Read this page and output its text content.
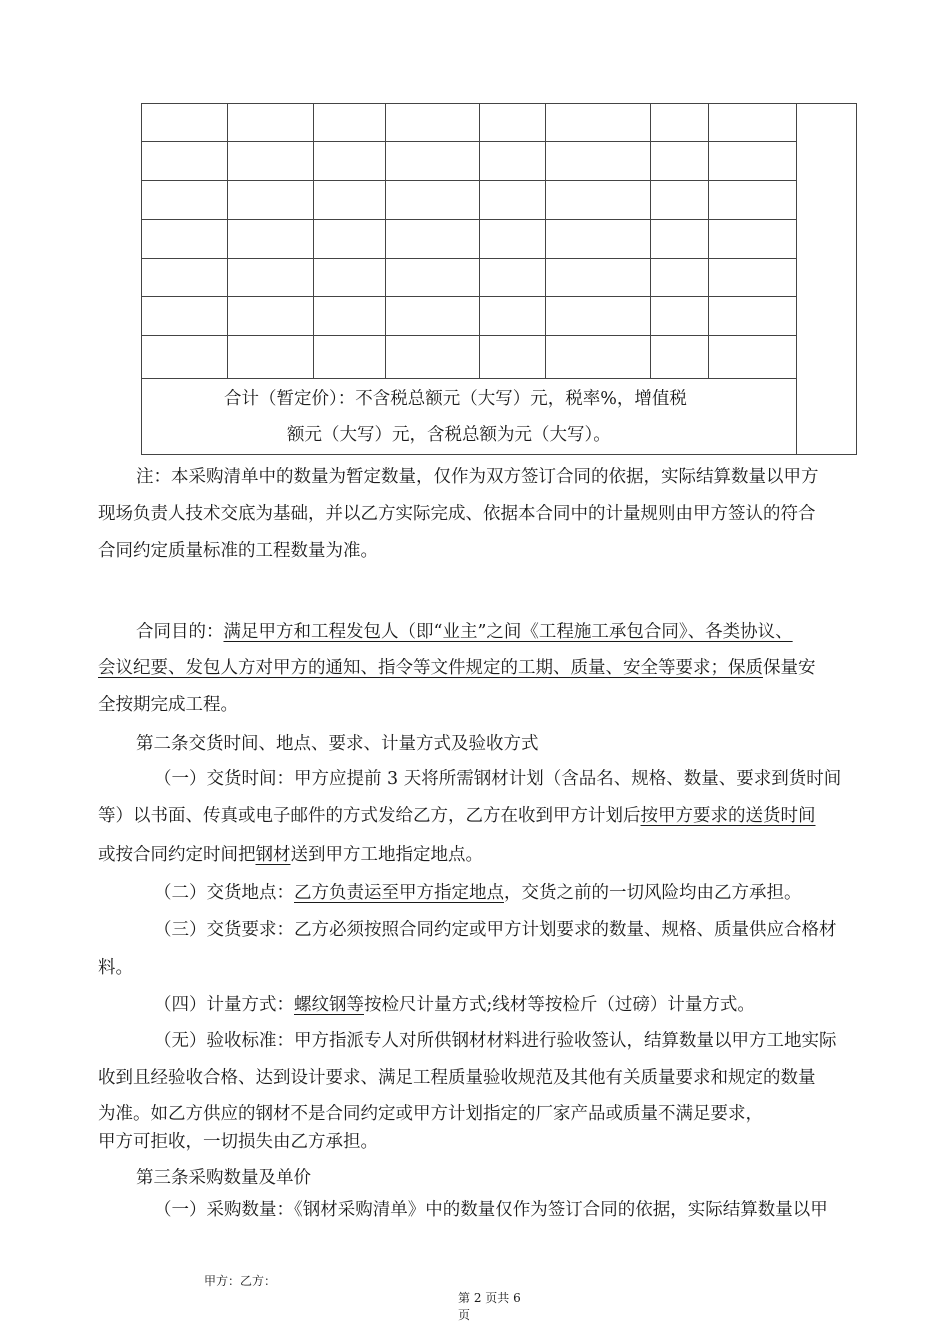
合计（暂定价）：不含税总额元（大写）元，税率%，增值税
额元（大写）元，含税总额为元（大写）。
注：本采购清单中的数量为暂定数量，仅作为双方签订合同的依据，实际结算数量以甲方
现场负责人技术交底为基础，并以乙方实际完成、依据本合同中的计量规则由甲方签认的符合
合同约定质量标准的工程数量为准。
合同目的：满足甲方和工程发包人（即“业主”之间《工程施工承包合同》、各类协议、
会议纪要、发包人方对甲方的通知、指令等文件规定的工期、质量、安全等要求；保质保量安
全按期完成工程。
第二条交货时间、地点、要求、计量方式及验收方式
（一）交货时间：甲方应提前 3 天将所需钢材计划（含品名、规格、数量、要求到货时间
等）以书面、传真或电子邮件的方式发给乙方，乙方在收到甲方计划后按甲方要求的送货时间
或按合同约定时间把钢材送到甲方工地指定地点。
（二）交货地点：乙方负责运至甲方指定地点，交货之前的一切风险均由乙方承担。
（三）交货要求：乙方必须按照合同约定或甲方计划要求的数量、规格、质量供应合格材
料。
（四）计量方式：螺纹钢等按检尺计量方式;线材等按检斤（过磅）计量方式。
（无）验收标准：甲方指派专人对所供钢材材料进行验收签认，结算数量以甲方工地实际
收到且经验收合格、达到设计要求、满足工程质量验收规范及其他有关质量要求和规定的数量
为准。如乙方供应的钢材不是合同约定或甲方计划指定的厂家产品或质量不满足要求，
甲方可拒收，一切损失由乙方承担。
第三条采购数量及单价
（一）采购数量：《钢材采购清单》中的数量仅作为签订合同的依据，实际结算数量以甲
甲方：乙方：
第 2 页共 6
页
